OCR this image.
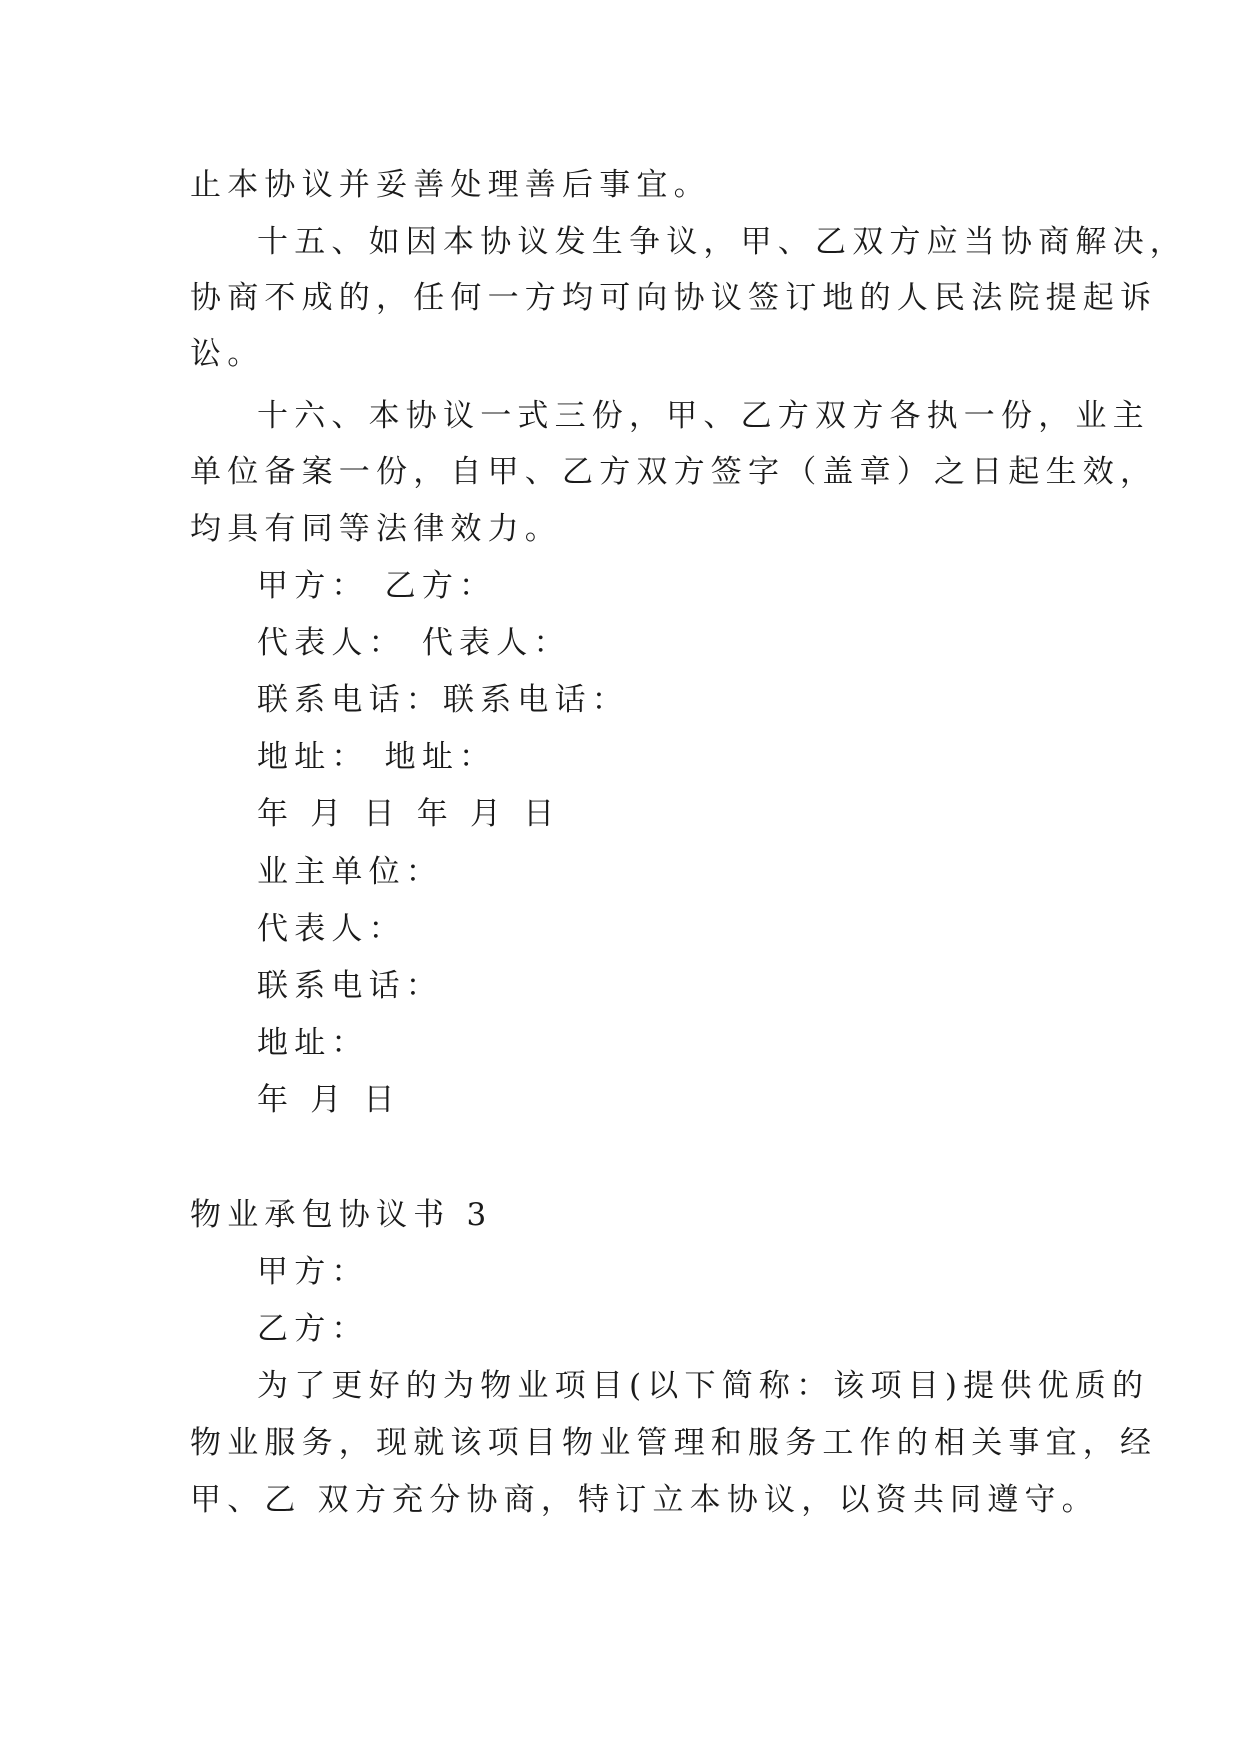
止本协议并妥善处理善后事宜。
十五、如因本协议发生争议，甲、乙双方应当协商解决，
协商不成的，任何一方均可向协议签订地的人民法院提起诉
讼。
十六、本协议一式三份，甲、乙方双方各执一份，业主
单位备案一份，自甲、乙方双方签字（盖章）之日起生效，
均具有同等法律效力。
甲方： 乙方：
代表人： 代表人：
联系电话：联系电话：
地址： 地址：
年 月 日 年 月 日
业主单位：
代表人：
联系电话：
地址：
年 月 日
物业承包协议书 3
甲方：
乙方：
为了更好的为物业项目(以下简称：该项目)提供优质的
物业服务，现就该项目物业管理和服务工作的相关事宜，经
甲、乙 双方充分协商，特订立本协议，以资共同遵守。
